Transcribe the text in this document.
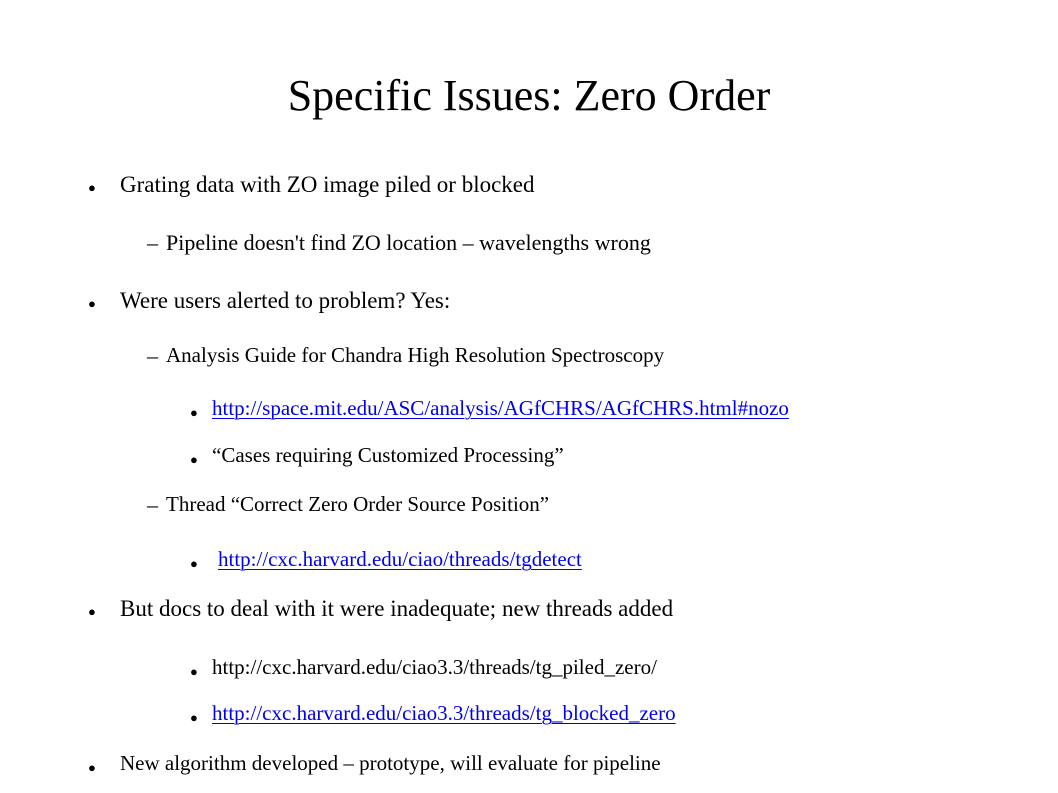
Specific Issues: Zero Order
● Grating data with ZO image piled or blocked
– Pipeline doesn't find ZO location – wavelengths wrong
● Were users alerted to problem? Yes:
– Analysis Guide for Chandra High Resolution Spectroscopy
● http://space.mit.edu/ASC/analysis/AGfCHRS/AGfCHRS.html#nozo
● “Cases requiring Customized Processing”
– Thread “Correct Zero Order Source Position”
● http://cxc.harvard.edu/ciao/threads/tgdetect
● But docs to deal with it were inadequate; new threads added
● http://cxc.harvard.edu/ciao3.3/threads/tg_piled_zero/
● http://cxc.harvard.edu/ciao3.3/threads/tg_blocked_zero
● New algorithm developed – prototype, will evaluate for pipeline
